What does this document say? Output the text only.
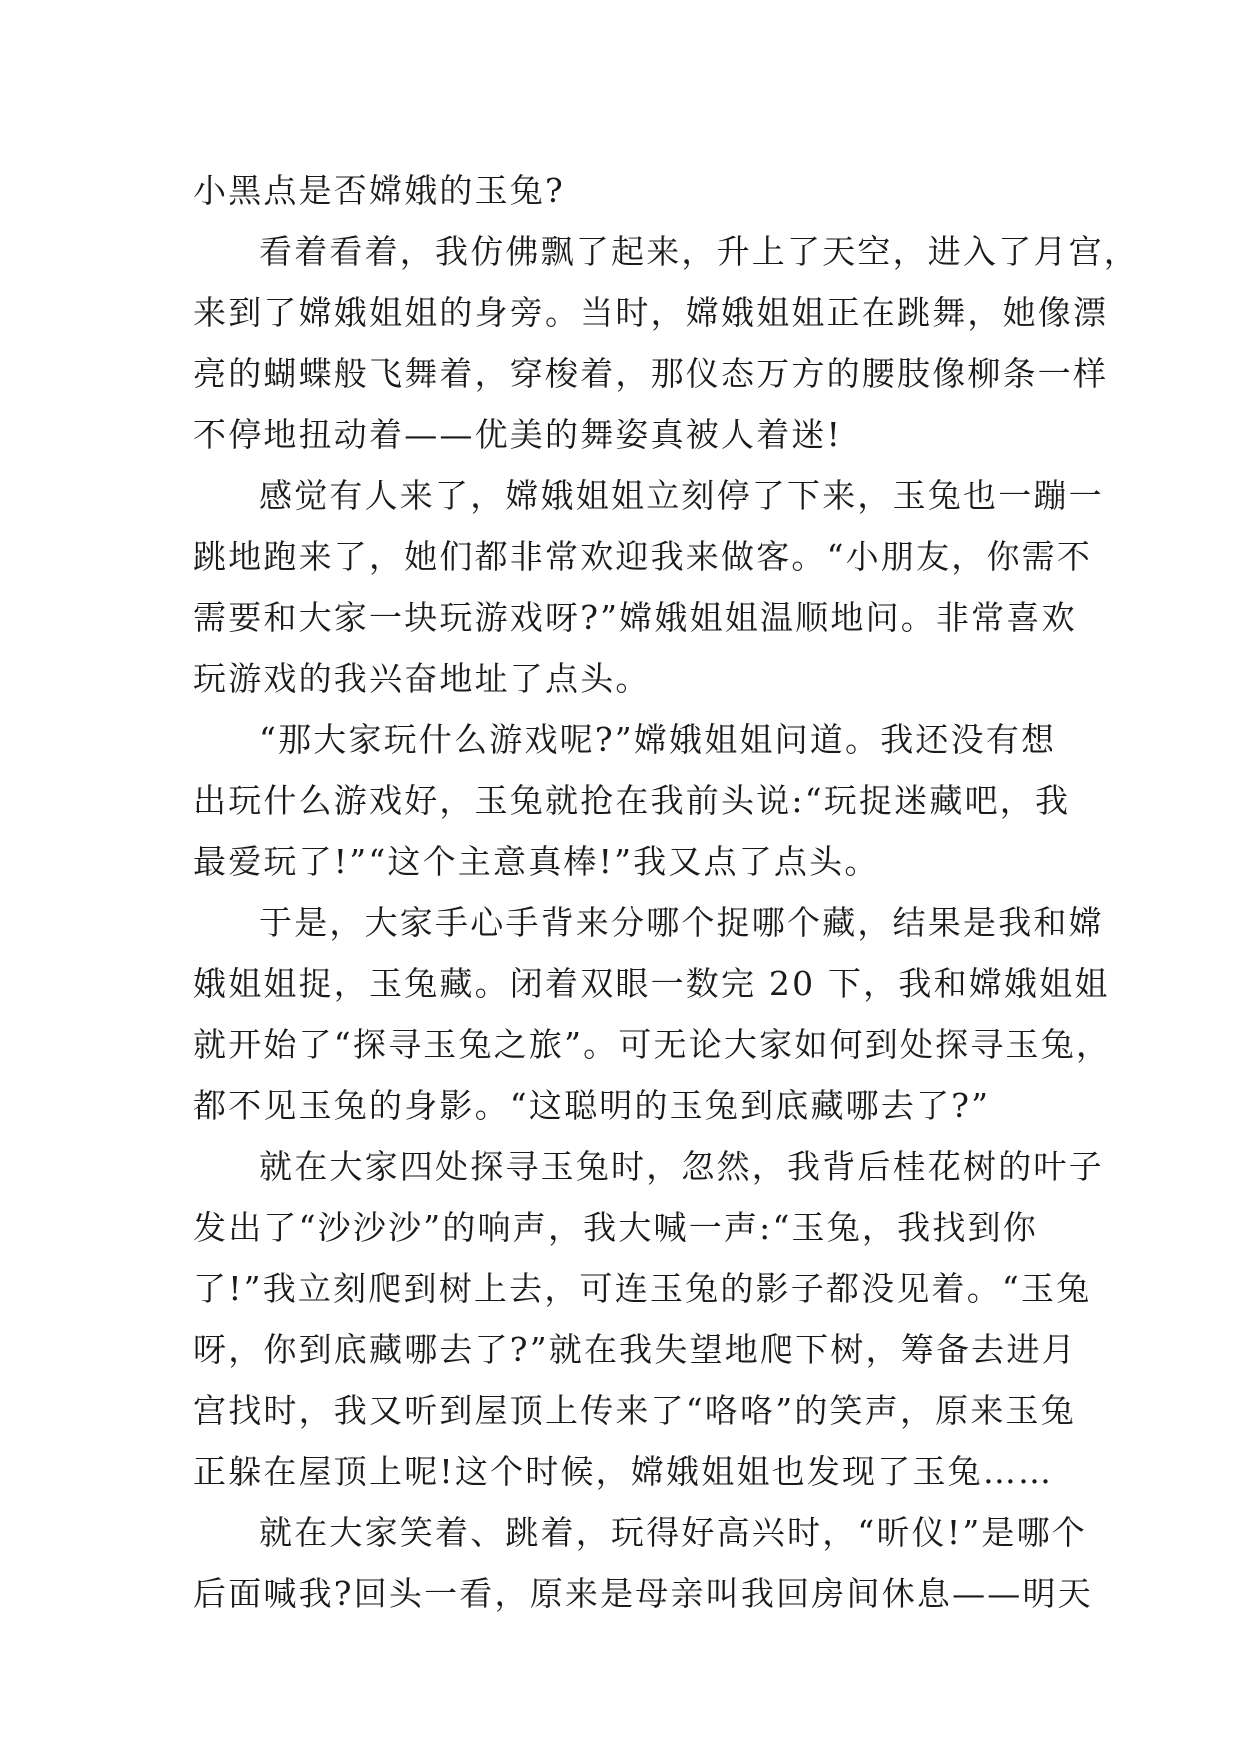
小黑点是否嫦娥的玉兔?
看着看着，我仿佛飘了起来，升上了天空，进入了月宫，
来到了嫦娥姐姐的身旁。当时，嫦娥姐姐正在跳舞，她像漂
亮的蝴蝶般飞舞着，穿梭着，那仪态万方的腰肢像柳条一样
不停地扭动着——优美的舞姿真被人着迷!
感觉有人来了，嫦娥姐姐立刻停了下来，玉兔也一蹦一
跳地跑来了，她们都非常欢迎我来做客。“小朋友，你需不
需要和大家一块玩游戏呀?”嫦娥姐姐温顺地问。非常喜欢
玩游戏的我兴奋地址了点头。
“那大家玩什么游戏呢?”嫦娥姐姐问道。我还没有想
出玩什么游戏好，玉兔就抢在我前头说:“玩捉迷藏吧，我
最爱玩了!”“这个主意真棒!”我又点了点头。
于是，大家手心手背来分哪个捉哪个藏，结果是我和嫦
娥姐姐捉，玉兔藏。闭着双眼一数完 20 下，我和嫦娥姐姐
就开始了“探寻玉兔之旅”。可无论大家如何到处探寻玉兔，
都不见玉兔的身影。“这聪明的玉兔到底藏哪去了?”
就在大家四处探寻玉兔时，忽然，我背后桂花树的叶子
发出了“沙沙沙”的响声，我大喊一声:“玉兔，我找到你
了!”我立刻爬到树上去，可连玉兔的影子都没见着。“玉兔
呀，你到底藏哪去了?”就在我失望地爬下树，筹备去进月
宫找时，我又听到屋顶上传来了“咯咯”的笑声，原来玉兔
正躲在屋顶上呢!这个时候，嫦娥姐姐也发现了玉兔……
就在大家笑着、跳着，玩得好高兴时，“昕仪!”是哪个
后面喊我?回头一看，原来是母亲叫我回房间休息——明天
